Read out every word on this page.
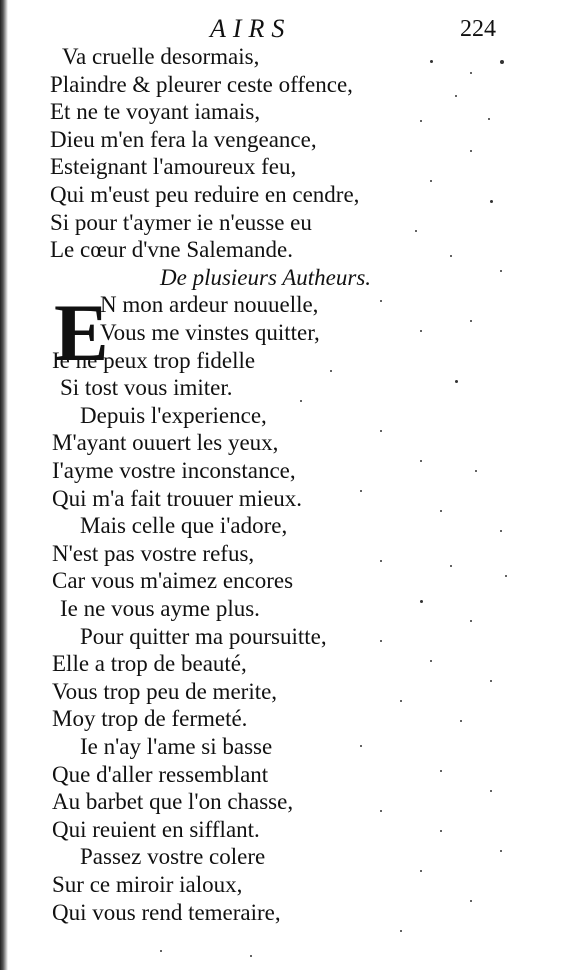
AIRS	224
E
Va cruelle desormais,
Plaindre & pleurer ceste offence,
Et ne te voyant iamais,
Dieu m'en fera la vengeance,
Esteignant l'amoureux feu,
Qui m'eust peu reduire en cendre,
Si pour t'aymer ie n'eusse eu
Le cœur d'vne Salemande.
De plusieurs Autheurs.
N mon ardeur nouuelle,
Vous me vinstes quitter,
Ie ne peux trop fidelle
Si tost vous imiter.
Depuis l'experience,
M'ayant ouuert les yeux,
I'ayme vostre inconstance,
Qui m'a fait trouuer mieux.
Mais celle que i'adore,
N'est pas vostre refus,
Car vous m'aimez encores
Ie ne vous ayme plus.
Pour quitter ma poursuitte,
Elle a trop de beauté,
Vous trop peu de merite,
Moy trop de fermeté.
Ie n'ay l'ame si basse
Que d'aller ressemblant
Au barbet que l'on chasse,
Qui reuient en sifflant.
Passez vostre colere
Sur ce miroir ialoux,
Qui vous rend temeraire,
